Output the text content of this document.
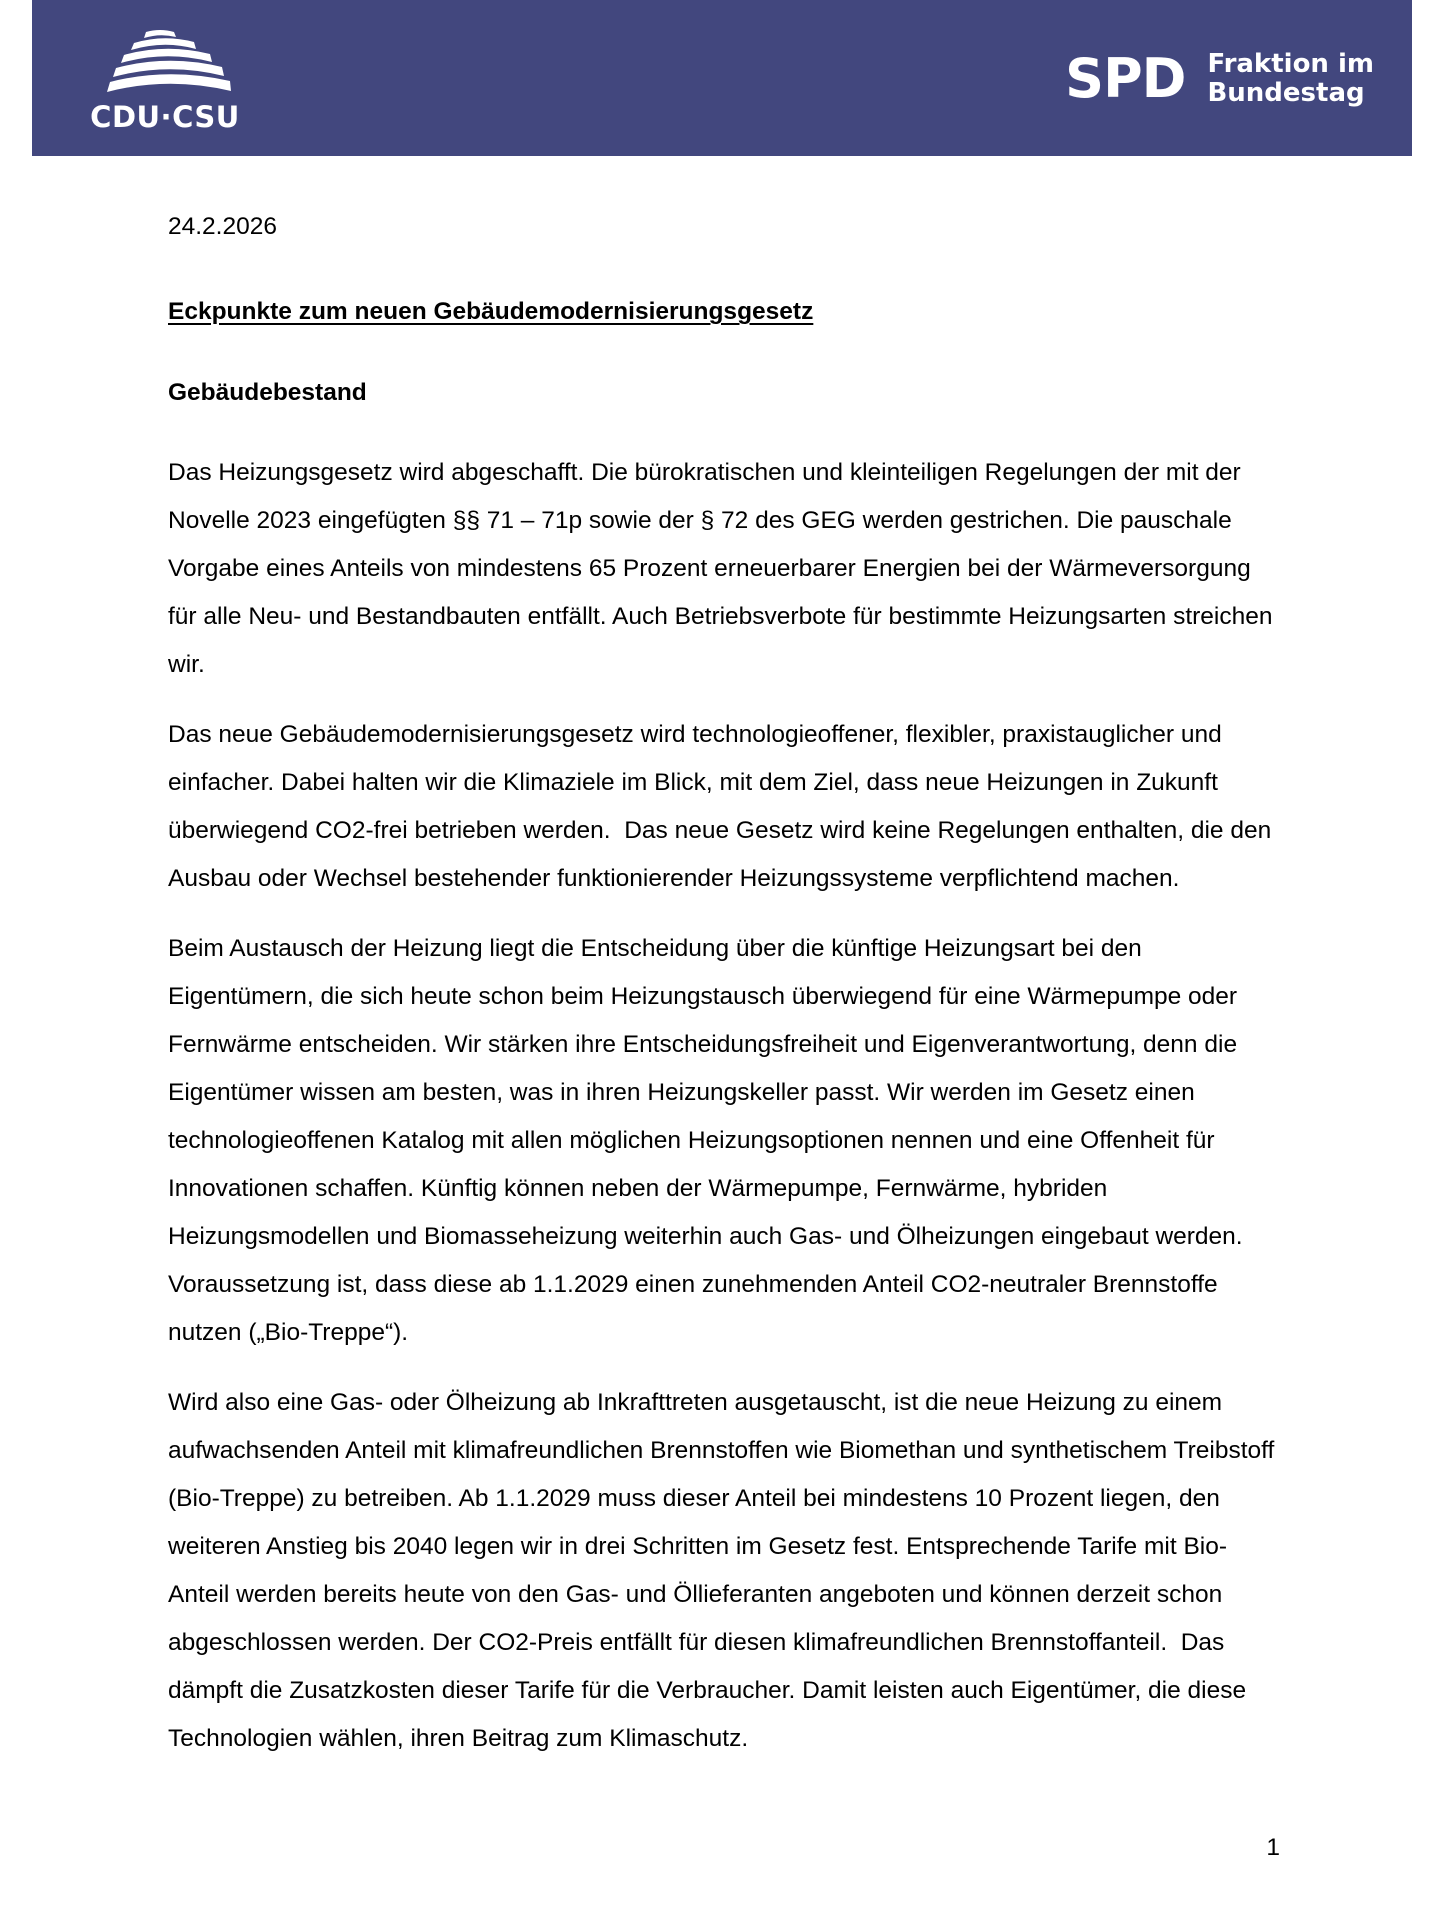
CDU·CSU
SPD Fraktion im
Bundestag

24.2.2026

Eckpunkte zum neuen Gebäudemodernisierungsgesetz
Gebäudebestand

Das Heizungsgesetz wird abgeschafft. Die bürokratischen und kleinteiligen Regelungen der mit der Novelle 2023 eingefügten §§ 71 – 71p sowie der § 72 des GEG werden gestrichen. Die pauschale Vorgabe eines Anteils von mindestens 65 Prozent erneuerbarer Energien bei der Wärmeversorgung für alle Neu- und Bestandbauten entfällt. Auch Betriebsverbote für bestimmte Heizungsarten streichen wir.

Das neue Gebäudemodernisierungsgesetz wird technologieoffener, flexibler, praxistauglicher und einfacher. Dabei halten wir die Klimaziele im Blick, mit dem Ziel, dass neue Heizungen in Zukunft überwiegend CO2-frei betrieben werden.  Das neue Gesetz wird keine Regelungen enthalten, die den Ausbau oder Wechsel bestehender funktionierender Heizungssysteme verpflichtend machen.

Beim Austausch der Heizung liegt die Entscheidung über die künftige Heizungsart bei den Eigentümern, die sich heute schon beim Heizungstausch überwiegend für eine Wärmepumpe oder Fernwärme entscheiden. Wir stärken ihre Entscheidungsfreiheit und Eigenverantwortung, denn die Eigentümer wissen am besten, was in ihren Heizungskeller passt. Wir werden im Gesetz einen technologieoffenen Katalog mit allen möglichen Heizungsoptionen nennen und eine Offenheit für Innovationen schaffen. Künftig können neben der Wärmepumpe, Fernwärme, hybriden Heizungsmodellen und Biomasseheizung weiterhin auch Gas- und Ölheizungen eingebaut werden. Voraussetzung ist, dass diese ab 1.1.2029 einen zunehmenden Anteil CO2-neutraler Brennstoffe nutzen („Bio-Treppe“).

Wird also eine Gas- oder Ölheizung ab Inkrafttreten ausgetauscht, ist die neue Heizung zu einem aufwachsenden Anteil mit klimafreundlichen Brennstoffen wie Biomethan und synthetischem Treibstoff (Bio-Treppe) zu betreiben. Ab 1.1.2029 muss dieser Anteil bei mindestens 10 Prozent liegen, den weiteren Anstieg bis 2040 legen wir in drei Schritten im Gesetz fest. Entsprechende Tarife mit Bio-Anteil werden bereits heute von den Gas- und Öllieferanten angeboten und können derzeit schon abgeschlossen werden. Der CO2-Preis entfällt für diesen klimafreundlichen Brennstoffanteil.  Das dämpft die Zusatzkosten dieser Tarife für die Verbraucher. Damit leisten auch Eigentümer, die diese Technologien wählen, ihren Beitrag zum Klimaschutz.

1
